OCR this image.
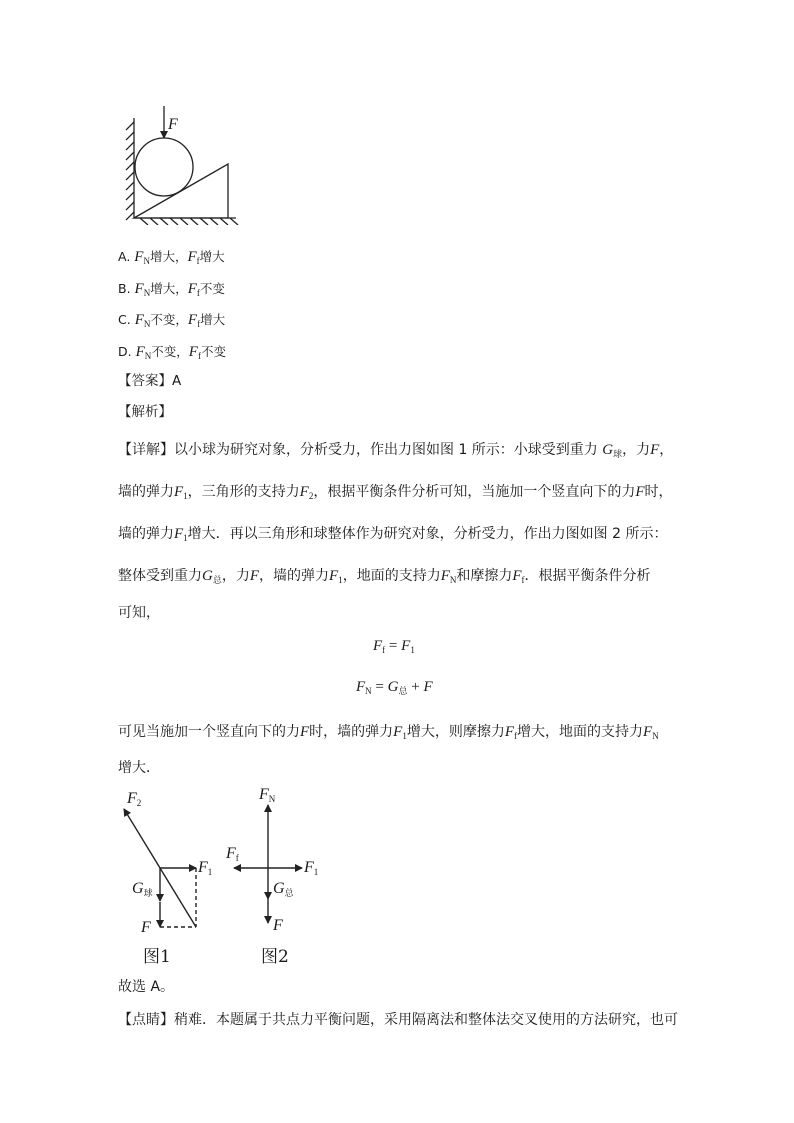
F
A. $F_N$增大，$F_f$增大
B. $F_N$增大，$F_f$不变
C. $F_N$不变，$F_f$增大
D. $F_N$不变，$F_f$不变
【答案】A
【解析】
【详解】以小球为研究对象，分析受力，作出力图如图 1 所示：小球受到重力 $G_球$，力F，
墙的弹力$F_1$，三角形的支持力$F_2$，根据平衡条件分析可知，当施加一个竖直向下的力F时，
墙的弹力$F_1$增大．再以三角形和球整体作为研究对象，分析受力，作出力图如图 2 所示：
整体受到重力$G_总$，力F，墙的弹力$F_1$，地面的支持力$F_N$和摩擦力$F_f$．根据平衡条件分析
可知，
$F_f = F_1$
$F_N = G_总 + F$
可见当施加一个竖直向下的力F时，墙的弹力$F_1$增大，则摩擦力$F_f$增大，地面的支持力$F_N$
增大．
$F_2$
$F_1$
$G_球$
F
图1
$F_N$
$F_f$
$F_1$
$G_总$
F
图2
故选 A。
【点睛】稍难．本题属于共点力平衡问题，采用隔离法和整体法交叉使用的方法研究，也可
